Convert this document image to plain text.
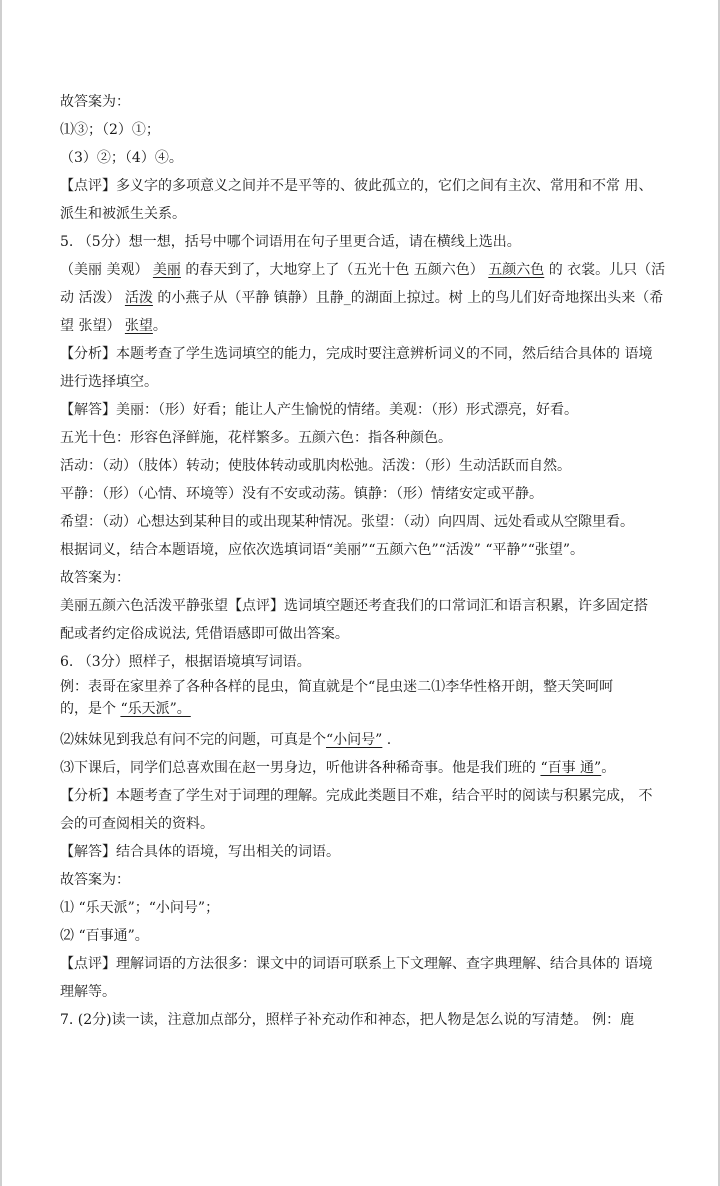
故答案为：
⑴③；（2）①；
（3）②；（4）④。
【点评】多义字的多项意义之间并不是平等的、彼此孤立的，它们之间有主次、常用和不常 用、
派生和被派生关系。
5. （5分）想一想，括号中哪个词语用在句子里更合适，请在横线上选出。
（美丽 美观） 美丽 的春天到了，大地穿上了（五光十色 五颜六色） 五颜六色 的 衣裳。儿只（活
动 活泼） 活泼 的小燕子从（平静 镇静）且静_的湖面上掠过。树 上的鸟儿们好奇地探出头来（希
望 张望） 张望。
【分析】本题考查了学生选词填空的能力，完成时要注意辨析词义的不同，然后结合具体的 语境
进行选择填空。
【解答】美丽：（形）好看；能让人产生愉悦的情绪。美观：（形）形式漂亮，好看。
五光十色：形容色泽鲜施，花样繁多。五颜六色：指各种颜色。
活动：（动）（肢体）转动；使肢体转动或肌肉松弛。活泼：（形）生动活跃而自然。
平静：（形）（心情、环境等）没有不安或动荡。镇静：（形）情绪安定或平静。
希望：（动）心想达到某种目的或出现某种情况。张望：（动）向四周、远处看或从空隙里看。
根据词义，结合本题语境，应依次选填词语“美丽”“五颜六色”“活泼” “平静”“张望”。
故答案为：
美丽五颜六色活泼平静张望【点评】选词填空题还考査我们的口常词汇和语言积累，许多固定搭
配或者约定俗成说法, 凭借语感即可做出答案。
6. （3分）照样子，根据语境填写词语。
例：表哥在家里养了各种各样的昆虫，简直就是个“昆虫迷二⑴李华性格开朗，整天笑呵呵
的，是个 “乐天派”。
⑵妹妹见到我总有问不完的问题，可真是个“小问号” .
⑶下课后，同学们总喜欢围在赵一男身边，听他讲各种稀奇事。他是我们班的 “百事 通”。
【分析】本题考查了学生对于词理的理解。完成此类题目不难，结合平时的阅读与积累完成， 不
会的可查阅相关的资料。
【解答】结合具体的语境，写出相关的词语。
故答案为：
⑴ “乐天派”；“小问号”；
⑵ “百事通”。
【点评】理解词语的方法很多：课文中的词语可联系上下文理解、查字典理解、结合具体的 语境
理解等。
7. (2分)读一读，注意加点部分，照样子补充动作和神态，把人物是怎么说的写清楚。 例：鹿
